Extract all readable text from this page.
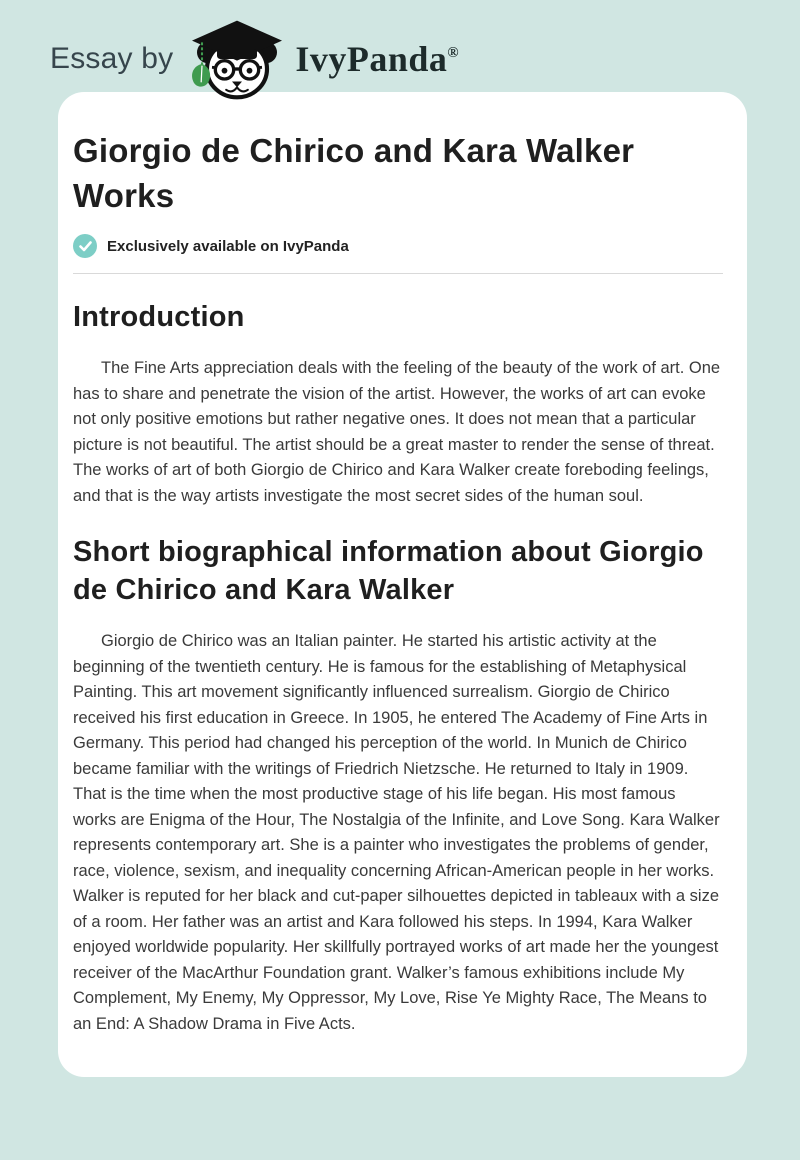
Essay by	IvyPanda®
Giorgio de Chirico and Kara Walker Works
Exclusively available on IvyPanda
Introduction

The Fine Arts appreciation deals with the feeling of the beauty of the work of art. One has to share and penetrate the vision of the artist. However, the works of art can evoke not only positive emotions but rather negative ones. It does not mean that a particular picture is not beautiful. The artist should be a great master to render the sense of threat. The works of art of both Giorgio de Chirico and Kara Walker create foreboding feelings, and that is the way artists investigate the most secret sides of the human soul.

Short biographical information about Giorgio de Chirico and Kara Walker

Giorgio de Chirico was an Italian painter. He started his artistic activity at the beginning of the twentieth century. He is famous for the establishing of Metaphysical Painting. This art movement significantly influenced surrealism. Giorgio de Chirico received his first education in Greece. In 1905, he entered The Academy of Fine Arts in Germany. This period had changed his perception of the world. In Munich de Chirico became familiar with the writings of Friedrich Nietzsche. He returned to Italy in 1909. That is the time when the most productive stage of his life began. His most famous works are Enigma of the Hour, The Nostalgia of the Infinite, and Love Song. Kara Walker represents contemporary art. She is a painter who investigates the problems of gender, race, violence, sexism, and inequality concerning African-American people in her works. Walker is reputed for her black and cut-paper silhouettes depicted in tableaux with a size of a room. Her father was an artist and Kara followed his steps. In 1994, Kara Walker enjoyed worldwide popularity. Her skillfully portrayed works of art made her the youngest receiver of the MacArthur Foundation grant. Walker’s famous exhibitions include My Complement, My Enemy, My Oppressor, My Love, Rise Ye Mighty Race, The Means to an End: A Shadow Drama in Five Acts.
